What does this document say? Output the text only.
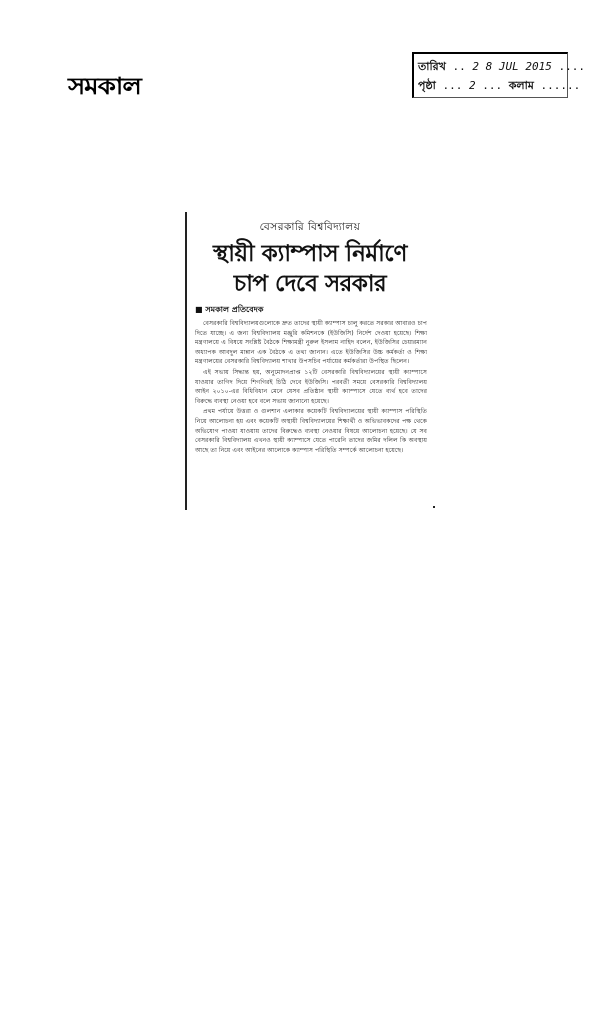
সমকাল
তারিখ .. 2 8 JUL 2015 ....
পৃষ্ঠা ... 2 ... কলাম ......
বেসরকারি বিশ্ববিদ্যালয়
স্থায়ী ক্যাম্পাস নির্মাণে
চাপ দেবে সরকার
■ সমকাল প্রতিবেদক

বেসরকারি বিশ্ববিদ্যালয়গুলোকে দ্রুত তাদের স্থায়ী ক্যাম্পাস চালু করতে সরকার আবারও চাপ দিতে যাচ্ছে। এ জন্য বিশ্ববিদ্যালয় মঞ্জুরি কমিশনকে (ইউজিসি) নির্দেশ দেওয়া হয়েছে। শিক্ষা মন্ত্রণালয়ে এ বিষয়ে সংশ্লিষ্ট বৈঠকে শিক্ষামন্ত্রী নুরুল ইসলাম নাহিদ বলেন, ইউজিসির চেয়ারম্যান অধ্যাপক আবদুল মান্নান এক বৈঠকে এ তথ্য জানান। এতে ইউজিসির উচ্চ কর্মকর্তা ও শিক্ষা মন্ত্রণালয়ের বেসরকারি বিশ্ববিদ্যালয় শাখার উপসচিব পর্যায়ের কর্মকর্তারা উপস্থিত ছিলেন।

এই সভায় সিদ্ধান্ত হয়, অনুমোদনপ্রাপ্ত ১২টি বেসরকারি বিশ্ববিদ্যালয়ের স্থায়ী ক্যাম্পাসে যাওয়ার তাগিদ দিয়ে শিগগিরই চিঠি দেবে ইউজিসি। পরবর্তী সময়ে বেসরকারি বিশ্ববিদ্যালয় আইন ২০১০-এর বিধিবিধান মেনে যেসব প্রতিষ্ঠান স্থায়ী ক্যাম্পাসে যেতে ব্যর্থ হবে তাদের বিরুদ্ধে ব্যবস্থা নেওয়া হবে বলে সভায় জানানো হয়েছে।

প্রথম পর্যায়ে উত্তরা ও গুলশান এলাকার কয়েকটি বিশ্ববিদ্যালয়ের স্থায়ী ক্যাম্পাস পরিস্থিতি নিয়ে আলোচনা হয় এবং কয়েকটি অস্থায়ী বিশ্ববিদ্যালয়ের শিক্ষার্থী ও অভিভাবকদের পক্ষ থেকে অভিযোগ পাওয়া যাওয়ায় তাদের বিরুদ্ধেও ব্যবস্থা নেওয়ার বিষয়ে আলোচনা হয়েছে। যে সব বেসরকারি বিশ্ববিদ্যালয় এখনও স্থায়ী ক্যাম্পাসে যেতে পারেনি তাদের জমির দলিল কি অবস্থায় আছে তা নিয়ে এবং আইনের আলোকে ক্যাম্পাস পরিস্থিতি সম্পর্কে আলোচনা হয়েছে।
